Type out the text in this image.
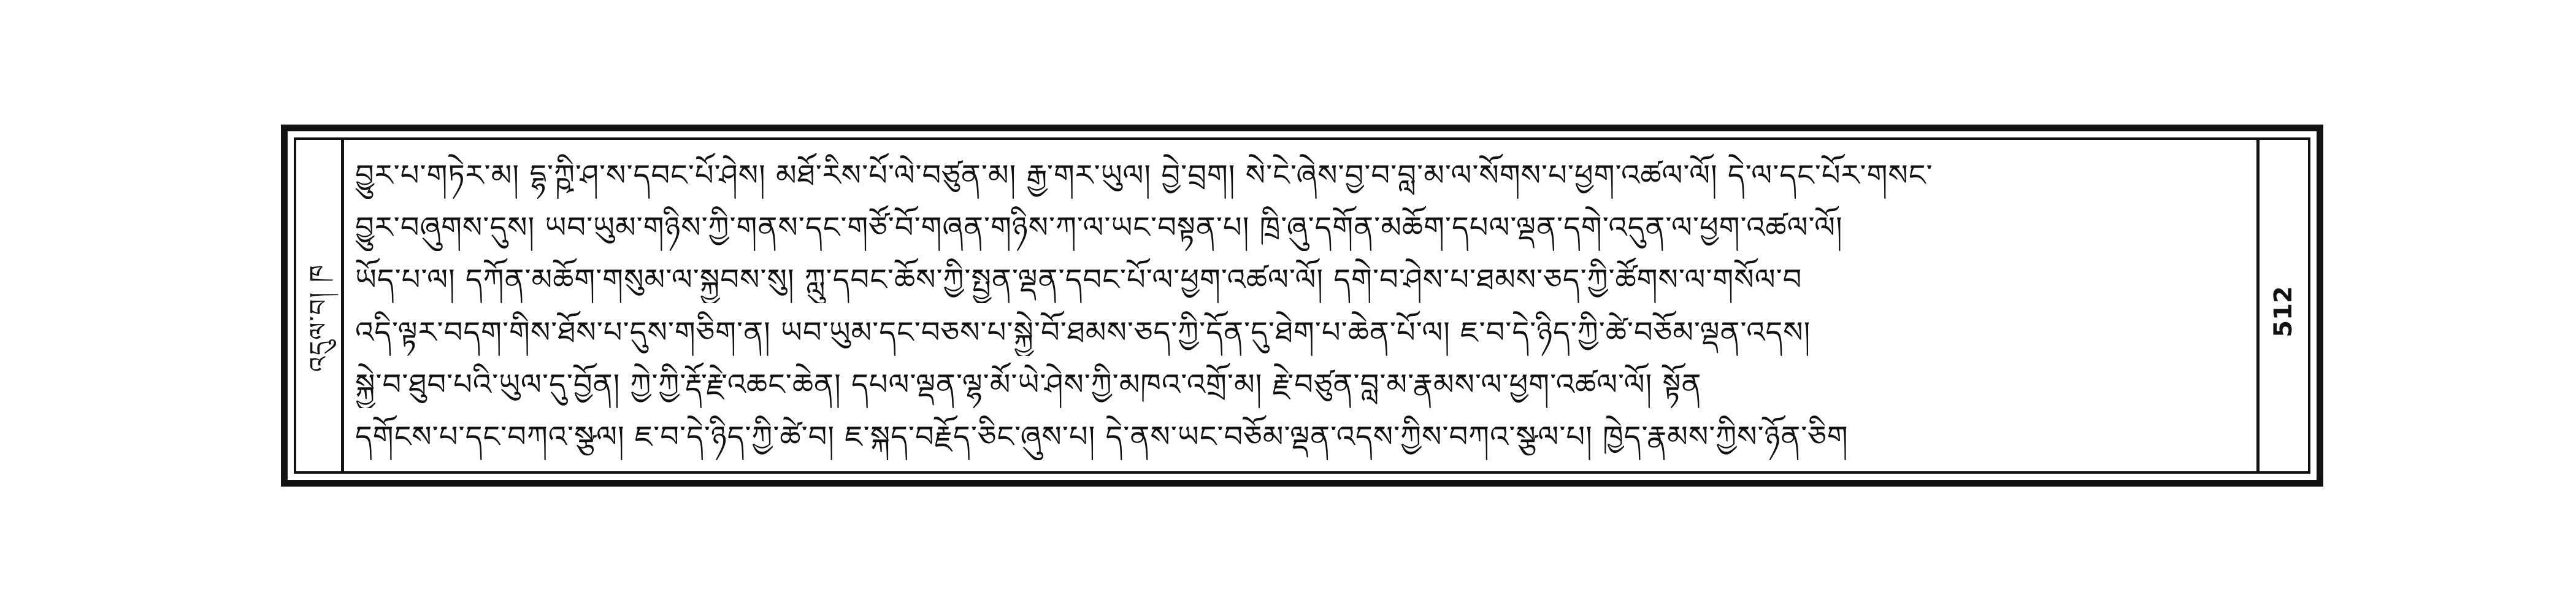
འདུལ་བ། ཁ
བྱུར་པ་གཏེར་མ། དྷ་ཀྵི་ཤ་ས་དབང་པོ་ཤེས། མཐོ་རིས་པོ་ལེ་བཙུན་མ། རྒྱ་གར་ཡུལ། བྱེ་བྲག། སེ་ངེ་ཞེས་བྱ་བ་བླ་མ་ལ་སོགས་པ་ཕྱག་འཚལ་ལོ། དེ་ལ་དང་པོར་གསང་
བྱུར་བཞུགས་དུས། ཡབ་ཡུམ་གཉིས་ཀྱི་གནས་དང་གཙོ་བོ་གཞན་གཉིས་ཀ་ལ་ཡང་བསྟན་པ། ཁྲི་ཞུ་དགོན་མཆོག་དཔལ་ལྡན་དགེ་འདུན་ལ་ཕྱག་འཚལ་ལོ།
ཡོད་པ་ལ། དཀོན་མཆོག་གསུམ་ལ་སྐྱབས་སུ། ཀླུ་དབང་ཆོས་ཀྱི་སྤྱན་ལྡན་དབང་པོ་ལ་ཕྱག་འཚལ་ལོ། དགེ་བ་ཤེས་པ་ཐམས་ཅད་ཀྱི་ཚོགས་ལ་གསོལ་བ
འདི་ལྟར་བདག་གིས་ཐོས་པ་དུས་གཅིག་ན། ཡབ་ཡུམ་དང་བཅས་པ་སྐྱེ་བོ་ཐམས་ཅད་ཀྱི་དོན་དུ་ཐེག་པ་ཆེན་པོ་ལ། ཇ་བ་དེ་ཉིད་ཀྱི་ཚེ་བཅོམ་ལྡན་འདས།
སྐྱེ་བ་ཐུབ་པའི་ཡུལ་དུ་བྱོན། ཀྱེ་ཀྱི་རྡོ་རྗེ་འཆང་ཆེན། དཔལ་ལྡན་ལྷ་མོ་ཡེ་ཤེས་ཀྱི་མཁའ་འགྲོ་མ། རྗེ་བཙུན་བླ་མ་རྣམས་ལ་ཕྱག་འཚལ་ལོ། སྟོན
དགོངས་པ་དང་བཀའ་སྩལ། ཇ་བ་དེ་ཉིད་ཀྱི་ཚེ་བ། ཇ་སྐད་བརྗོད་ཅིང་ཞུས་པ། དེ་ནས་ཡང་བཅོམ་ལྡན་འདས་ཀྱིས་བཀའ་སྩལ་པ། ཁྱེད་རྣམས་ཀྱིས་ཉོན་ཅིག
512
